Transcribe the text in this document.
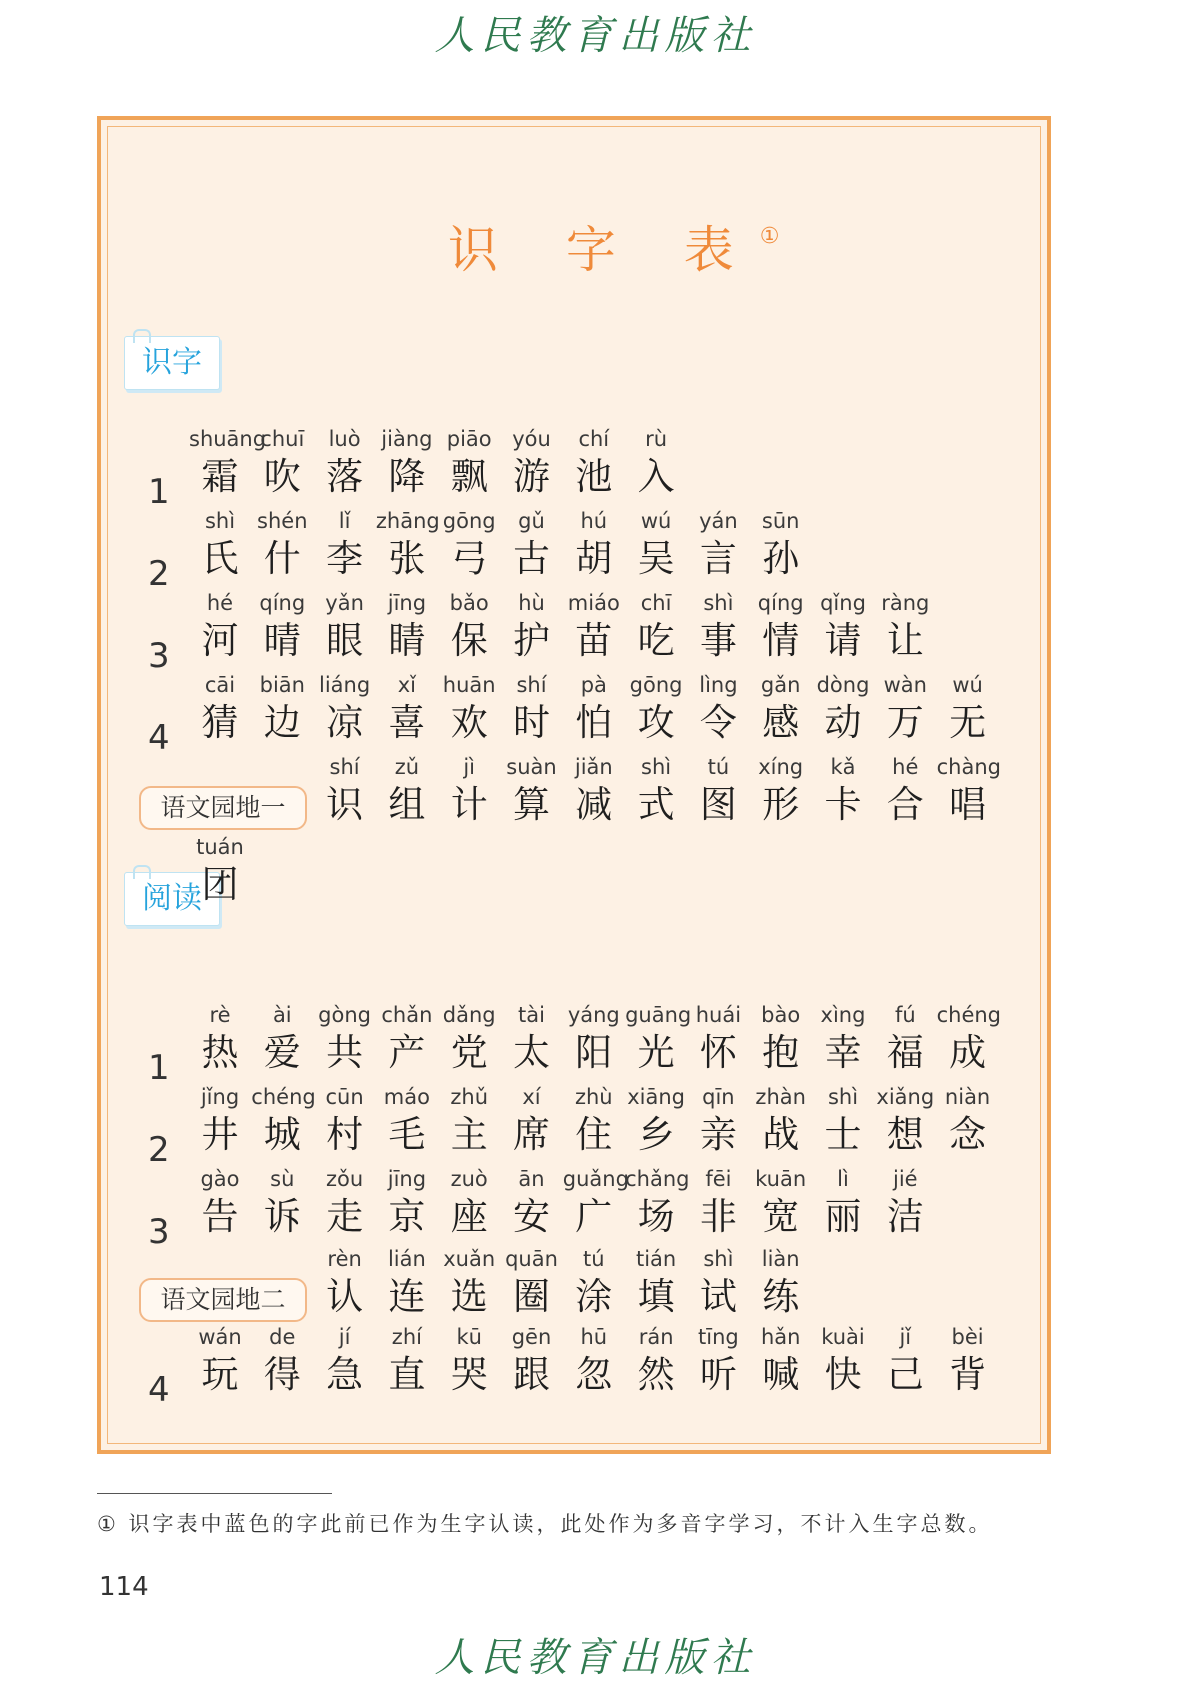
人民教育出版社
识 字 表①
识字
阅读
1
shuāng
霜
chuī
吹
luò
落
jiàng
降
piāo
飘
yóu
游
chí
池
rù
入
2
shì
氏
shén
什
lǐ
李
zhāng
张
gōng
弓
gǔ
古
hú
胡
wú
吴
yán
言
sūn
孙
3
hé
河
qíng
晴
yǎn
眼
jīng
睛
bǎo
保
hù
护
miáo
苗
chī
吃
shì
事
qíng
情
qǐng
请
ràng
让
4
cāi
猜
biān
边
liáng
凉
xǐ
喜
huān
欢
shí
时
pà
怕
gōng
攻
lìng
令
gǎn
感
dòng
动
wàn
万
wú
无
语文园地一
shí
识
zǔ
组
jì
计
suàn
算
jiǎn
减
shì
式
tú
图
xíng
形
kǎ
卡
hé
合
chàng
唱
tuán
团
1
rè
热
ài
爱
gòng
共
chǎn
产
dǎng
党
tài
太
yáng
阳
guāng
光
huái
怀
bào
抱
xìng
幸
fú
福
chéng
成
2
jǐng
井
chéng
城
cūn
村
máo
毛
zhǔ
主
xí
席
zhù
住
xiāng
乡
qīn
亲
zhàn
战
shì
士
xiǎng
想
niàn
念
3
gào
告
sù
诉
zǒu
走
jīng
京
zuò
座
ān
安
guǎng
广
chǎng
场
fēi
非
kuān
宽
lì
丽
jié
洁
语文园地二
rèn
认
lián
连
xuǎn
选
quān
圈
tú
涂
tián
填
shì
试
liàn
练
4
wán
玩
de
得
jí
急
zhí
直
kū
哭
gēn
跟
hū
忽
rán
然
tīng
听
hǎn
喊
kuài
快
jǐ
己
bèi
背
① 识字表中蓝色的字此前已作为生字认读，此处作为多音字学习，不计入生字总数。
114
人民教育出版社
